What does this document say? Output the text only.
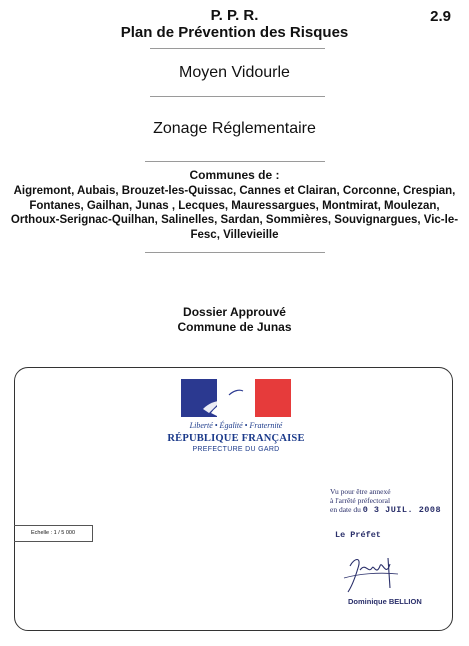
2.9
P. P. R.
Plan de Prévention des Risques
Moyen Vidourle
Zonage Réglementaire
Communes de :
Aigremont, Aubais, Brouzet-les-Quissac, Cannes et Clairan, Corconne, Crespian, Fontanes, Gailhan, Junas , Lecques, Mauressargues, Montmirat, Moulezan, Orthoux-Serignac-Quilhan, Salinelles, Sardan, Sommières, Souvignargues, Vic-le-Fesc, Villevieille
Dossier Approuvé
Commune de Junas
Liberté • Égalité • Fraternité
RÉPUBLIQUE FRANÇAISE
PREFECTURE DU GARD
Echelle : 1 / 5 000
Vu pour être annexé
à l'arrêté préfectoral
en date du 0 3 JUIL. 2008
Le Préfet
Dominique BELLION
